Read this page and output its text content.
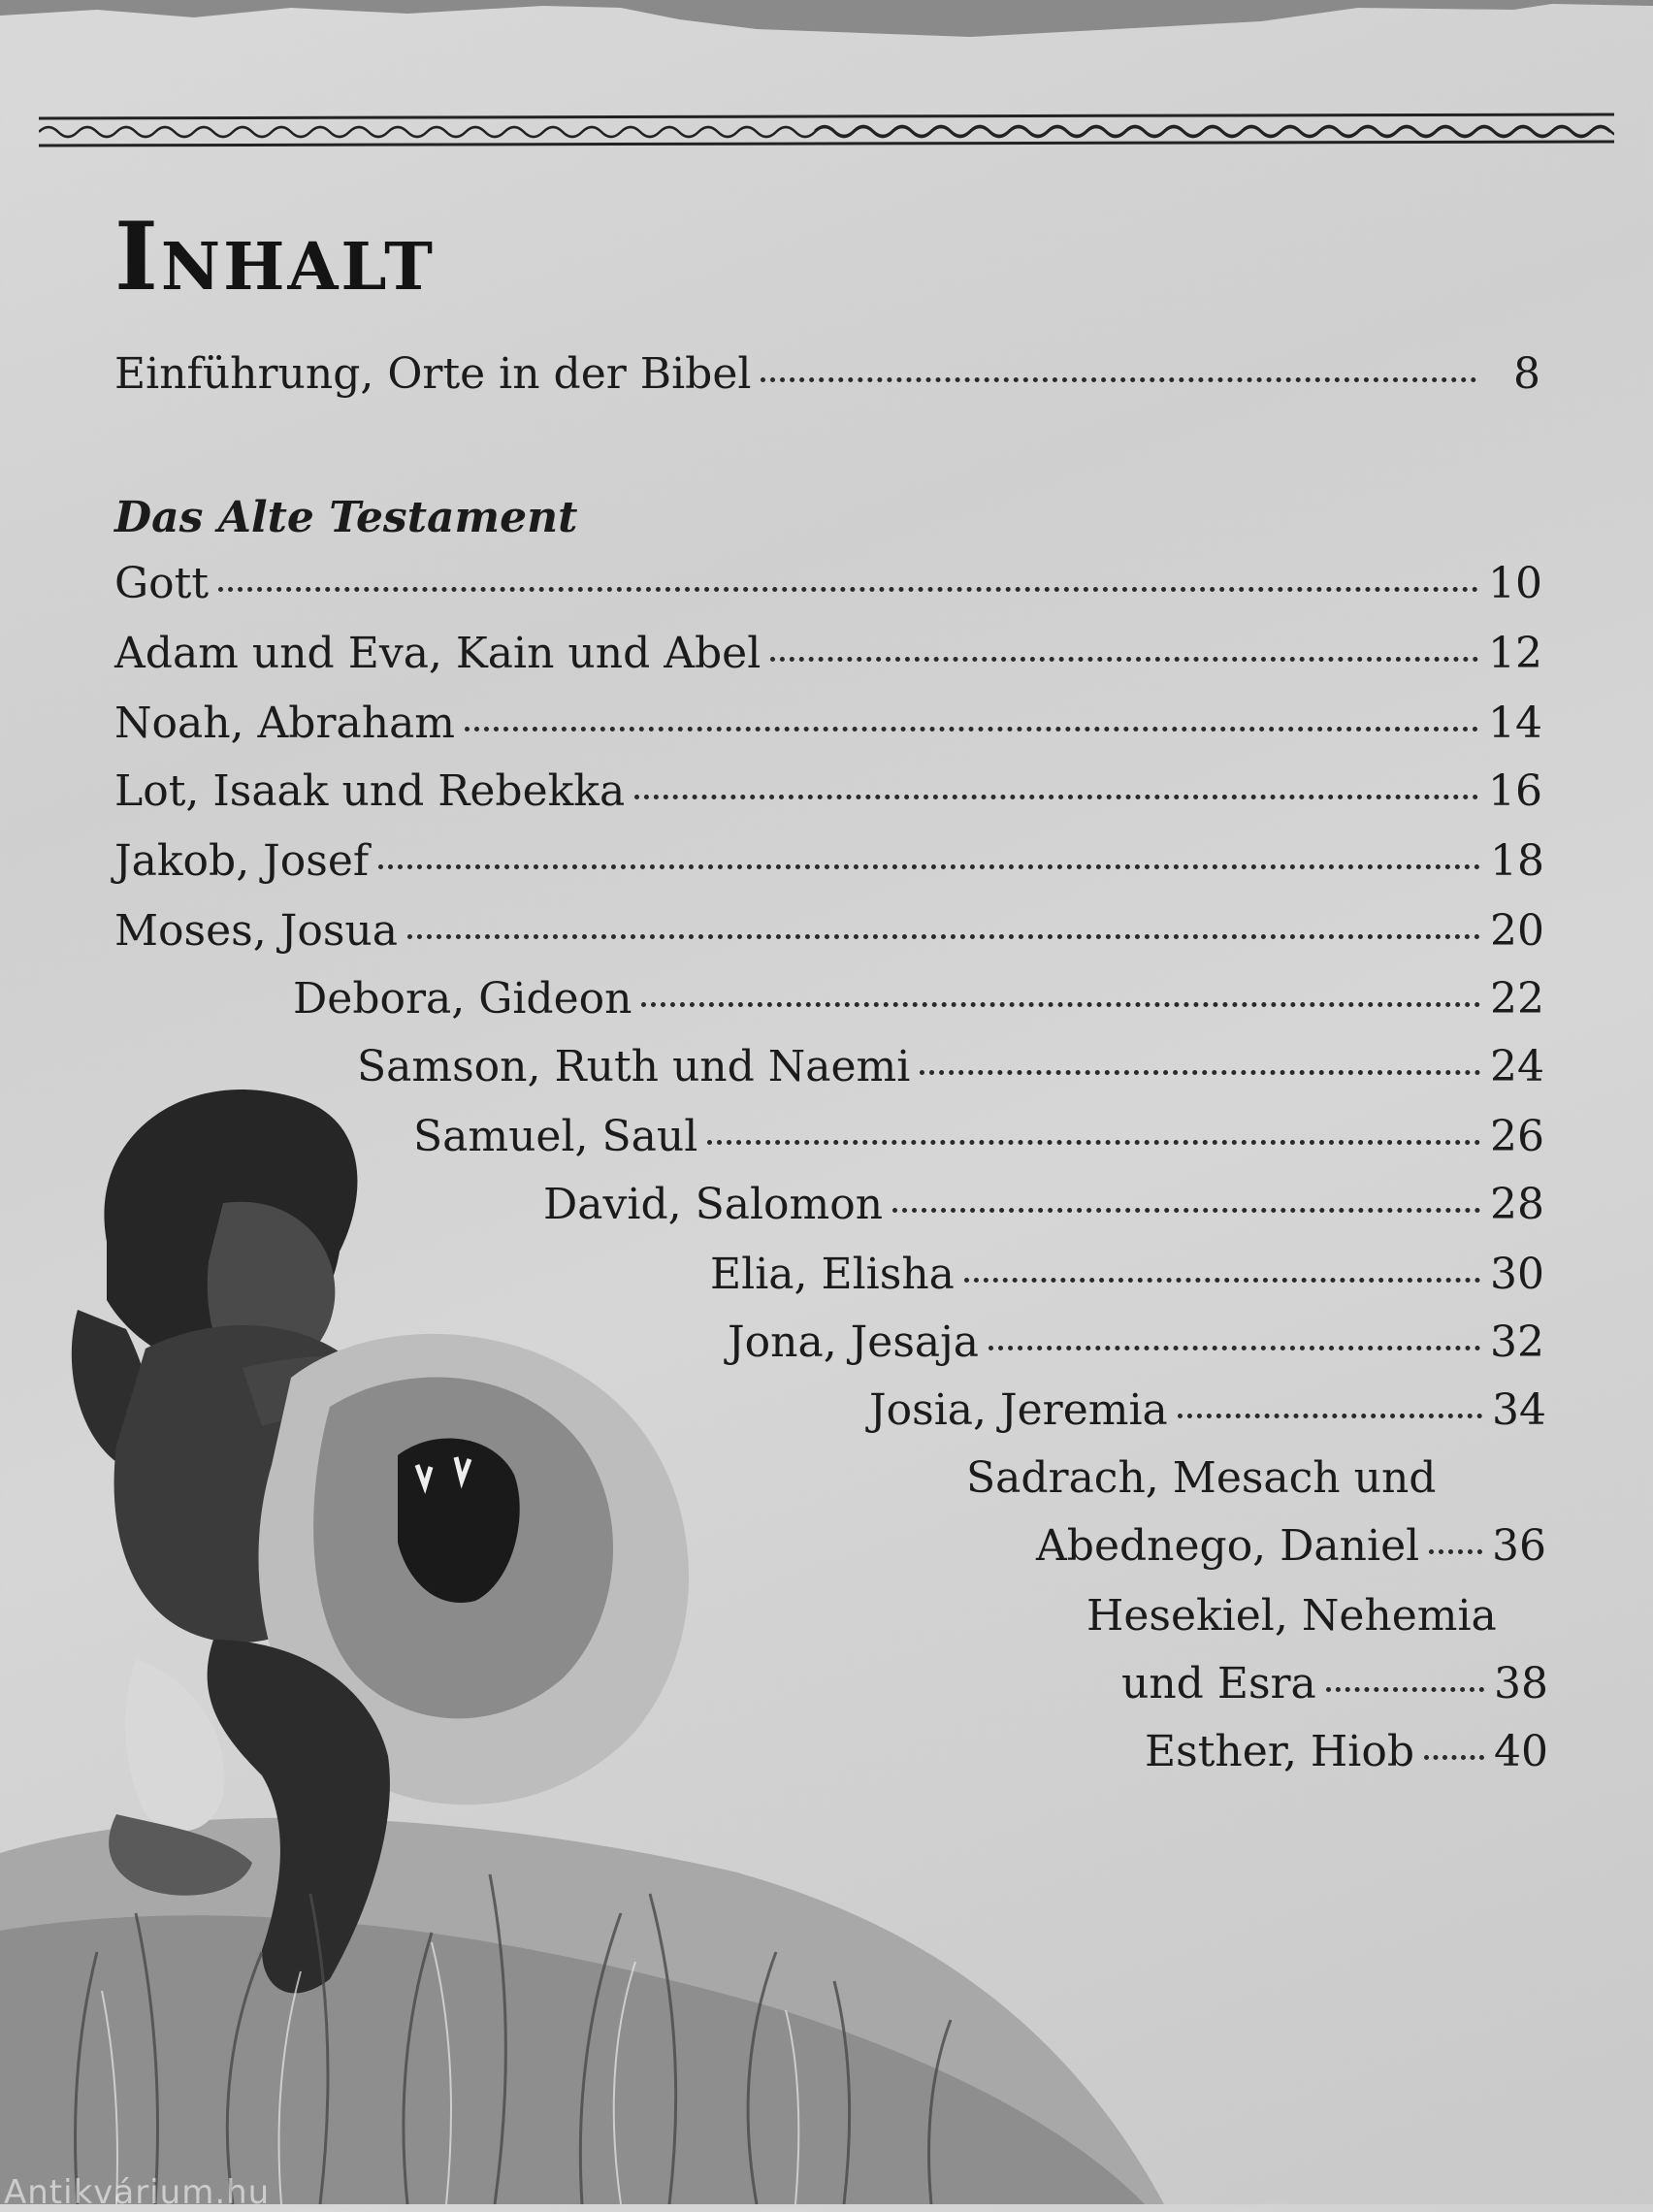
Inhalt
Einführung, Orte in der Bibel	8
Das Alte Testament
Gott	10
Adam und Eva, Kain und Abel	12
Noah, Abraham	14
Lot, Isaak und Rebekka	16
Jakob, Josef	18
Moses, Josua	20
Debora, Gideon	22
Samson, Ruth und Naemi	24
Samuel, Saul	26
David, Salomon	28
Elia, Elisha	30
Jona, Jesaja	32
Josia, Jeremia	34
Sadrach, Mesach und
Abednego, Daniel 36
Hesekiel, Nehemia
und Esra	38
Esther, Hiob 40
Antikvárium.hu
